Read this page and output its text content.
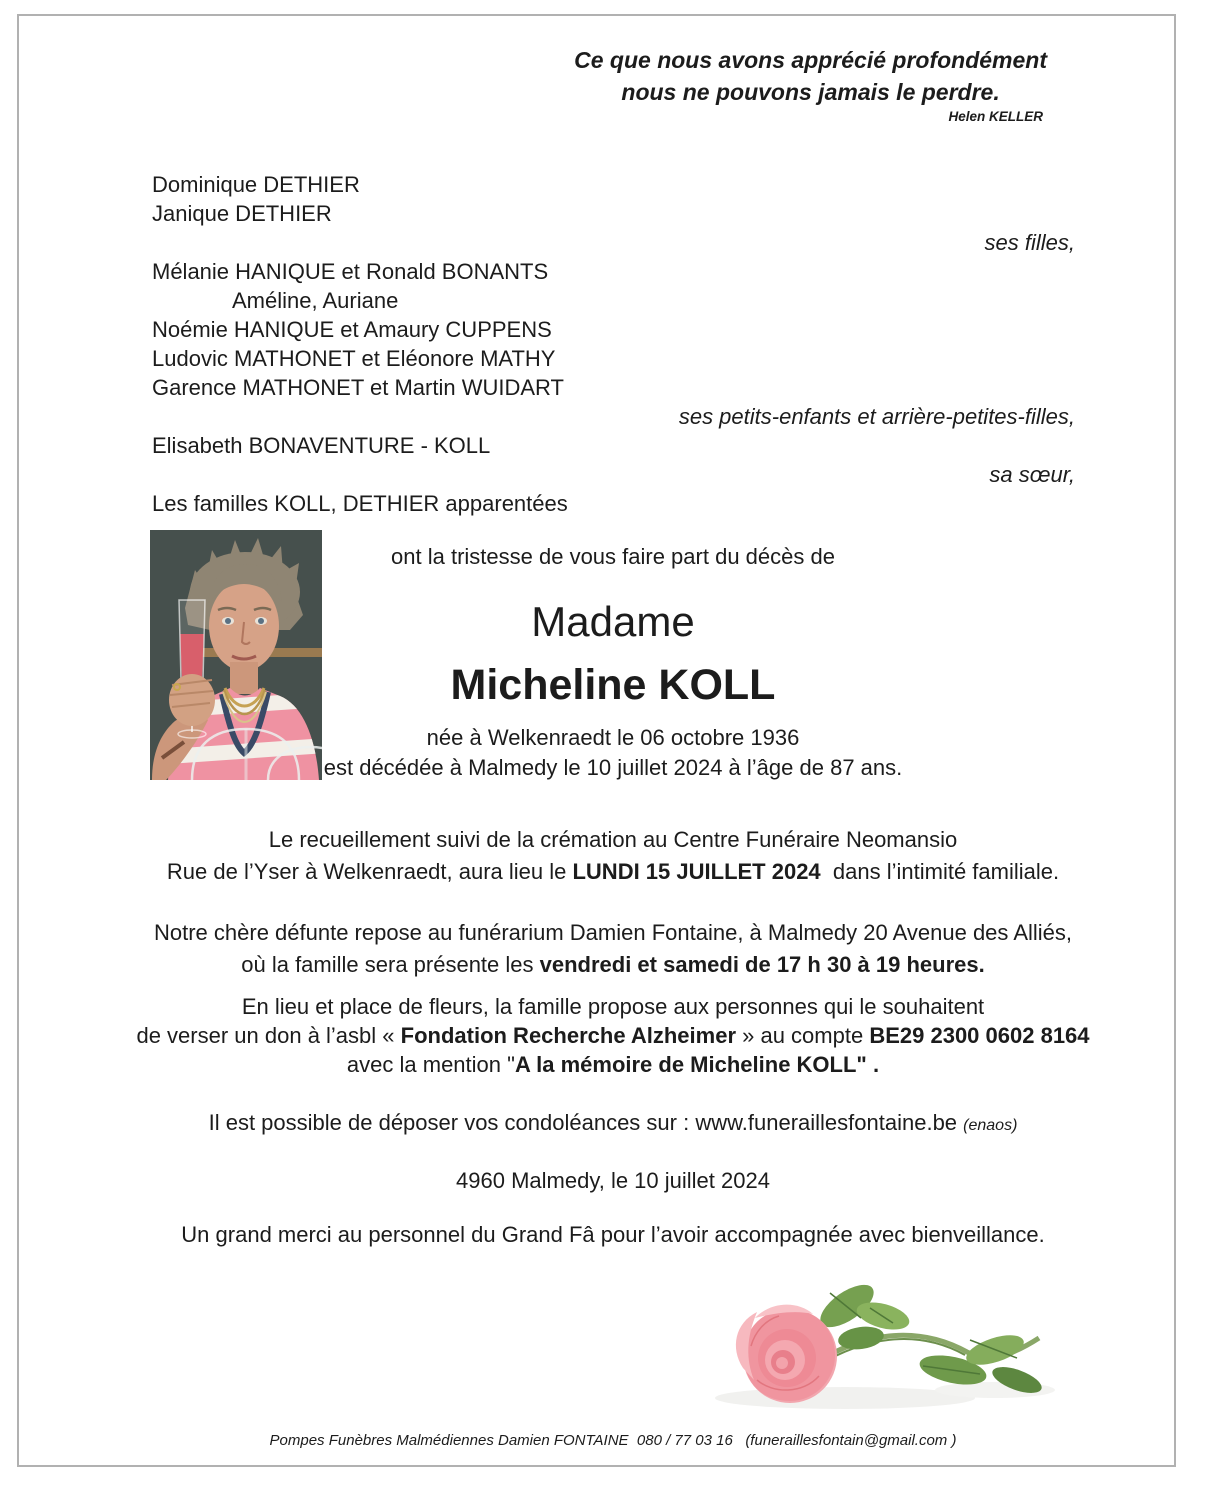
Ce que nous avons apprécié profondément
nous ne pouvons jamais le perdre.
Helen KELLER
Dominique DETHIER
Janique DETHIER
ses filles,
Mélanie HANIQUE et Ronald BONANTS
Améline, Auriane
Noémie HANIQUE et Amaury CUPPENS
Ludovic MATHONET et Eléonore MATHY
Garence MATHONET et Martin WUIDART
ses petits-enfants et arrière-petites-filles,
Elisabeth BONAVENTURE - KOLL
sa sœur,
Les familles KOLL, DETHIER apparentées
ont la tristesse de vous faire part du décès de
Madame
Micheline KOLL
née à Welkenraedt le 06 octobre 1936
est décédée à Malmedy le 10 juillet 2024 à l’âge de 87 ans.
Le recueillement suivi de la crémation au Centre Funéraire Neomansio
Rue de l’Yser à Welkenraedt, aura lieu le LUNDI 15 JUILLET 2024  dans l’intimité familiale.
Notre chère défunte repose au funérarium Damien Fontaine, à Malmedy 20 Avenue des Alliés,
où la famille sera présente les vendredi et samedi de 17 h 30 à 19 heures.
En lieu et place de fleurs, la famille propose aux personnes qui le souhaitent
de verser un don à l’asbl « Fondation Recherche Alzheimer » au compte BE29 2300 0602 8164
avec la mention "A la mémoire de Micheline KOLL" .
Il est possible de déposer vos condoléances sur : www.funeraillesfontaine.be (enaos)
4960 Malmedy, le 10 juillet 2024
Un grand merci au personnel du Grand Fâ pour l’avoir accompagnée avec bienveillance.
Pompes Funèbres Malmédiennes Damien FONTAINE  080 / 77 03 16   (funeraillesfontain@gmail.com )
